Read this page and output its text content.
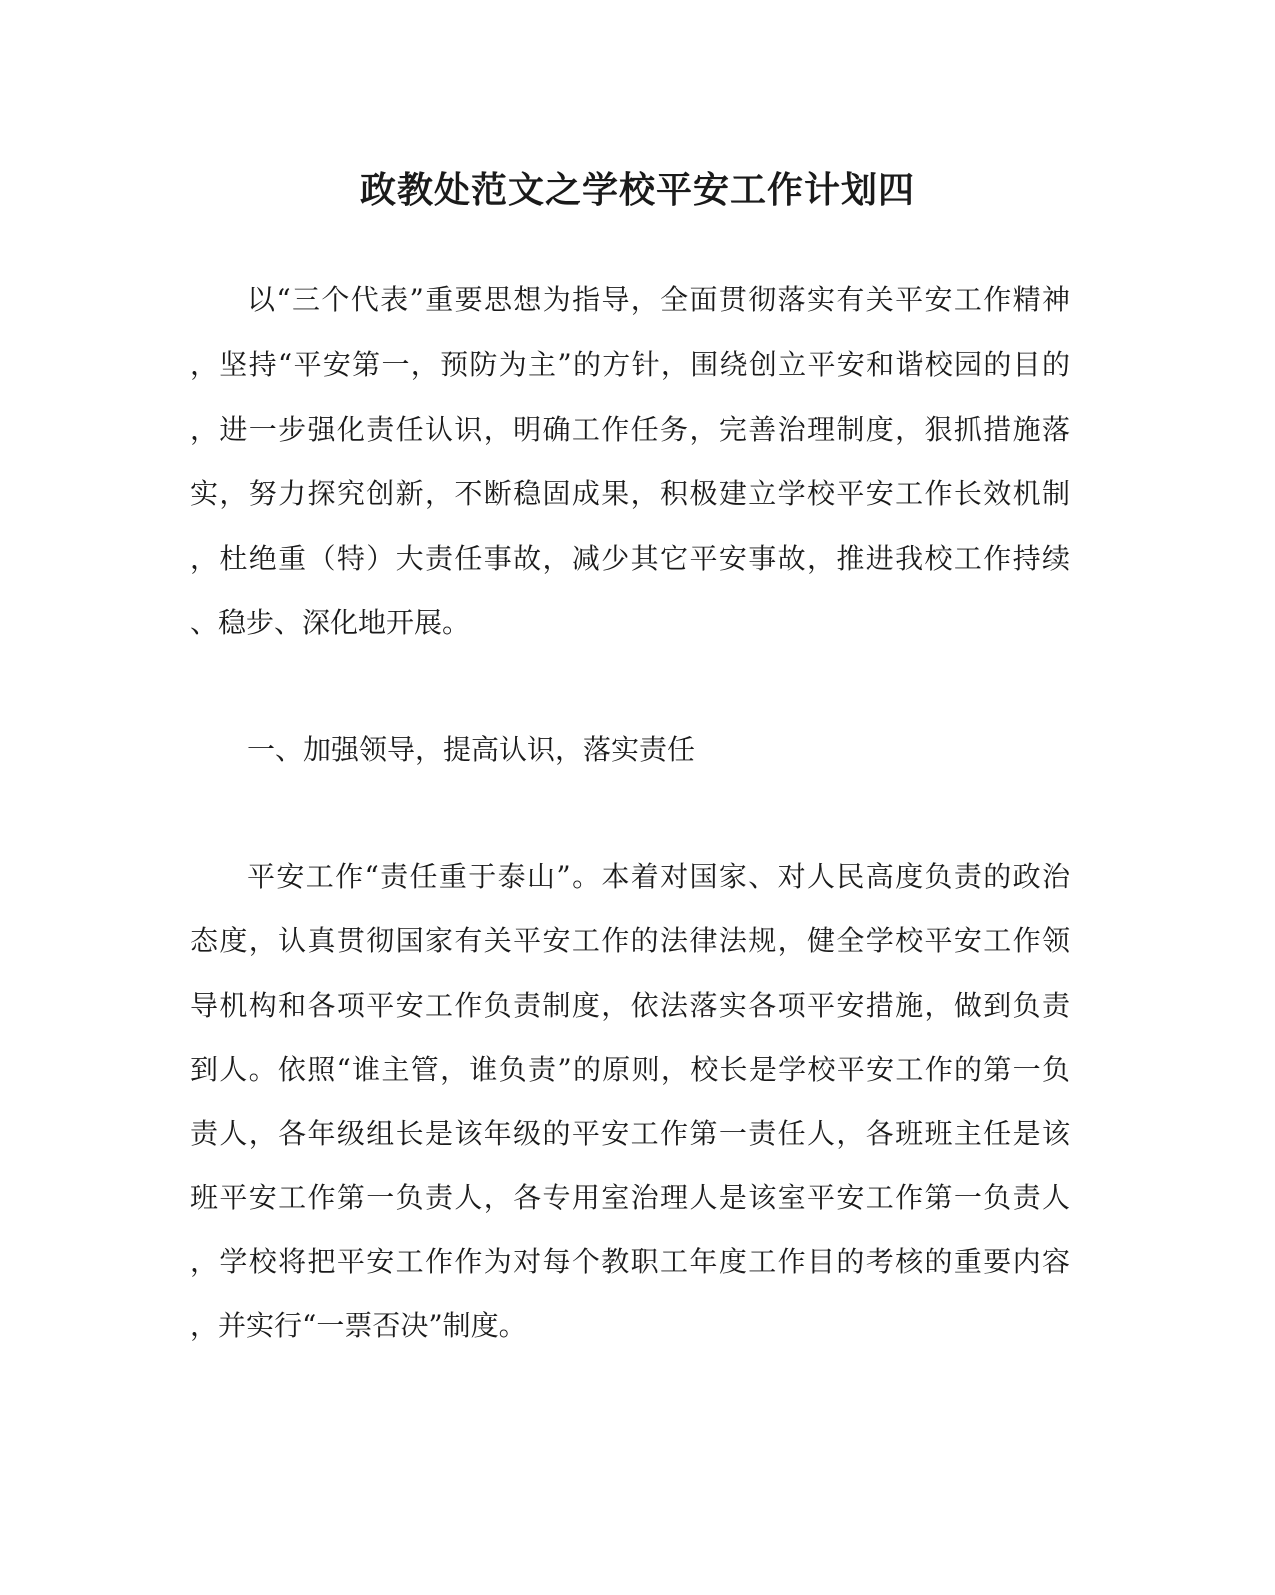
政教处范文之学校平安工作计划四
以“三个代表”重要思想为指导，全面贯彻落实有关平安工作精神
，坚持“平安第一，预防为主”的方针，围绕创立平安和谐校园的目的
，进一步强化责任认识，明确工作任务，完善治理制度，狠抓措施落
实，努力探究创新，不断稳固成果，积极建立学校平安工作长效机制
，杜绝重（特）大责任事故，减少其它平安事故，推进我校工作持续
、稳步、深化地开展。
一、加强领导，提高认识，落实责任
平安工作“责任重于泰山”。本着对国家、对人民高度负责的政治
态度，认真贯彻国家有关平安工作的法律法规，健全学校平安工作领
导机构和各项平安工作负责制度，依法落实各项平安措施，做到负责
到人。依照“谁主管，谁负责”的原则，校长是学校平安工作的第一负
责人，各年级组长是该年级的平安工作第一责任人，各班班主任是该
班平安工作第一负责人，各专用室治理人是该室平安工作第一负责人
，学校将把平安工作作为对每个教职工年度工作目的考核的重要内容
，并实行“一票否决”制度。
